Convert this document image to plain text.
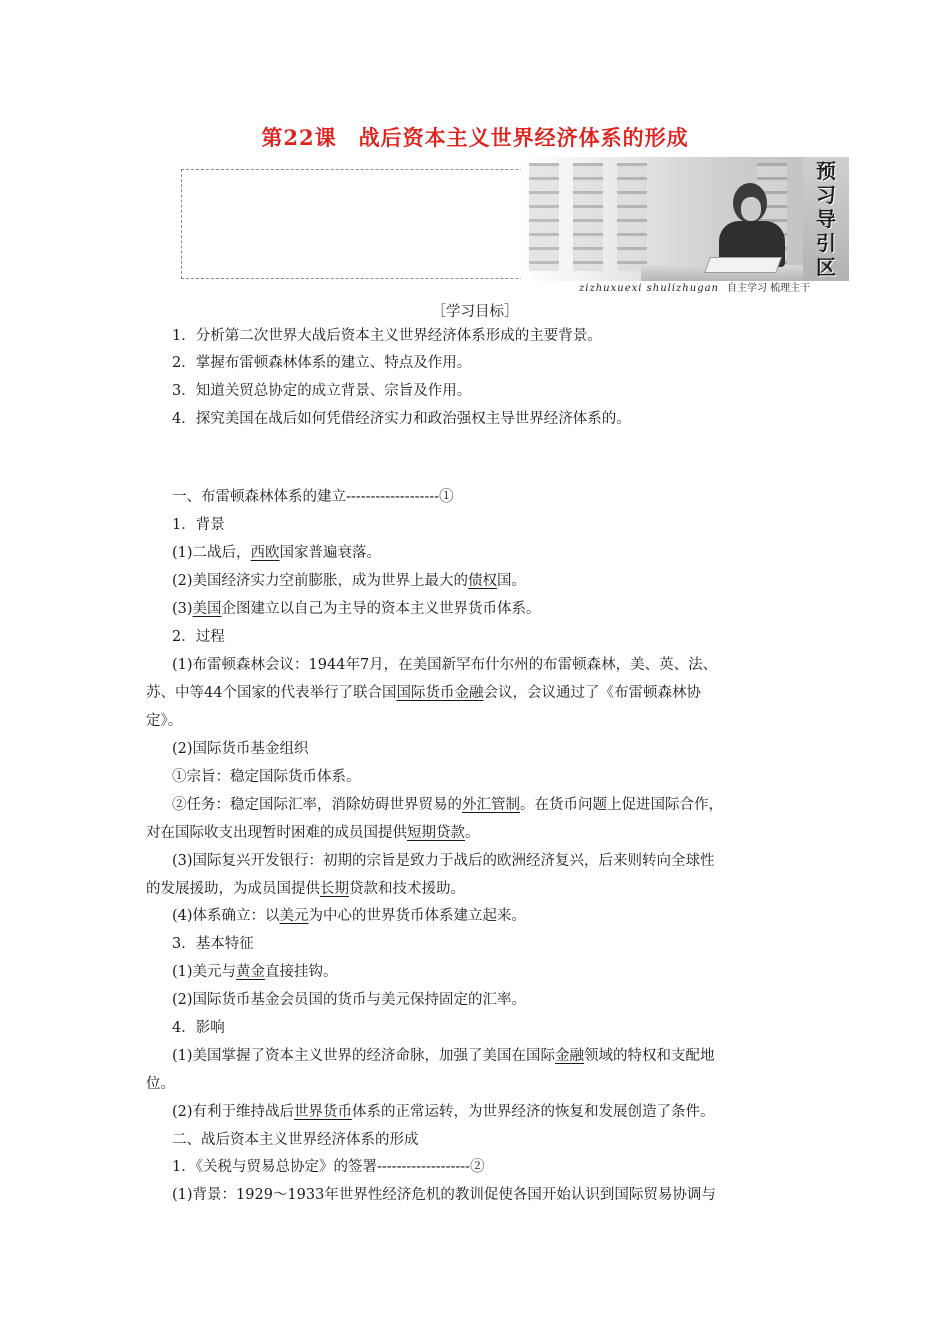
第22课　战后资本主义世界经济体系的形成
预
习
导
引
区
zizhuxuexi shulizhugan 自主学习 梳理主干
［学习目标］
1．分析第二次世界大战后资本主义世界经济体系形成的主要背景。
2．掌握布雷顿森林体系的建立、特点及作用。
3．知道关贸总协定的成立背景、宗旨及作用。
4．探究美国在战后如何凭借经济实力和政治强权主导世界经济体系的。
一、布雷顿森林体系的建立-------------------①
1．背景
(1)二战后，西欧国家普遍衰落。
(2)美国经济实力空前膨胀，成为世界上最大的债权国。
(3)美国企图建立以自己为主导的资本主义世界货币体系。
2．过程
(1)布雷顿森林会议：1944年7月，在美国新罕布什尔州的布雷顿森林，美、英、法、
苏、中等44个国家的代表举行了联合国国际货币金融会议，会议通过了《布雷顿森林协
定》。
(2)国际货币基金组织
①宗旨：稳定国际货币体系。
②任务：稳定国际汇率，消除妨碍世界贸易的外汇管制。在货币问题上促进国际合作，
对在国际收支出现暂时困难的成员国提供短期贷款。
(3)国际复兴开发银行：初期的宗旨是致力于战后的欧洲经济复兴，后来则转向全球性
的发展援助，为成员国提供长期贷款和技术援助。
(4)体系确立：以美元为中心的世界货币体系建立起来。
3．基本特征
(1)美元与黄金直接挂钩。
(2)国际货币基金会员国的货币与美元保持固定的汇率。
4．影响
(1)美国掌握了资本主义世界的经济命脉，加强了美国在国际金融领域的特权和支配地
位。
(2)有利于维持战后世界货币体系的正常运转，为世界经济的恢复和发展创造了条件。
二、战后资本主义世界经济体系的形成
1．《关税与贸易总协定》的签署-------------------②
(1)背景：1929～1933年世界性经济危机的教训促使各国开始认识到国际贸易协调与
